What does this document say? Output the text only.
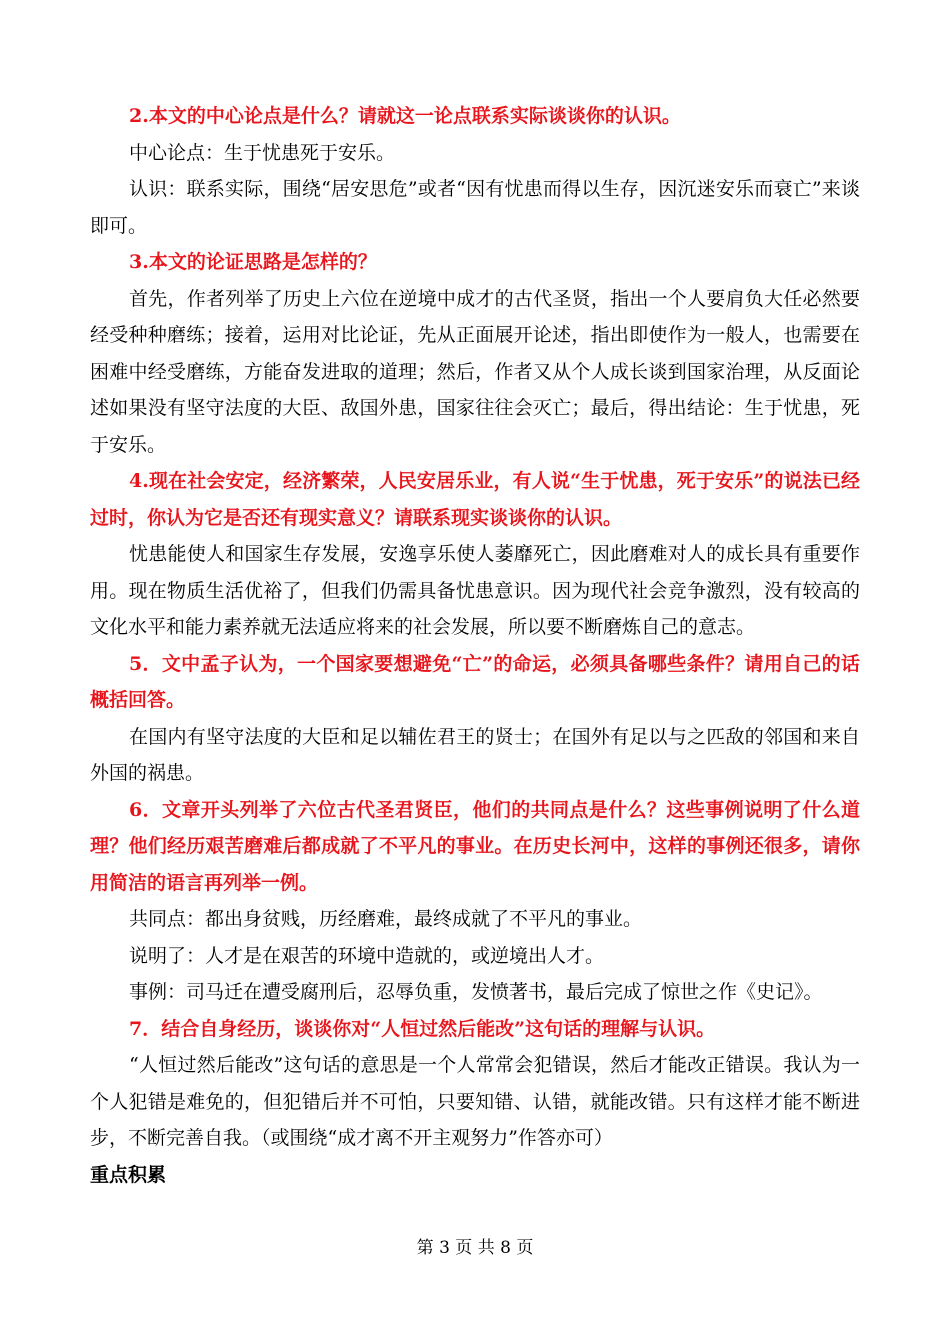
2.本文的中心论点是什么？请就这一论点联系实际谈谈你的认识。

中心论点：生于忧患死于安乐。

认识：联系实际，围绕“居安思危”或者“因有忧患而得以生存，因沉迷安乐而衰亡”来谈即可。

3.本文的论证思路是怎样的？

首先，作者列举了历史上六位在逆境中成才的古代圣贤，指出一个人要肩负大任必然要经受种种磨练；接着，运用对比论证，先从正面展开论述，指出即使作为一般人，也需要在困难中经受磨练，方能奋发进取的道理；然后，作者又从个人成长谈到国家治理，从反面论述如果没有坚守法度的大臣、敌国外患，国家往往会灭亡；最后，得出结论：生于忧患，死于安乐。

4.现在社会安定，经济繁荣，人民安居乐业，有人说“生于忧患，死于安乐”的说法已经过时，你认为它是否还有现实意义？请联系现实谈谈你的认识。

忧患能使人和国家生存发展，安逸享乐使人萎靡死亡，因此磨难对人的成长具有重要作用。现在物质生活优裕了，但我们仍需具备忧患意识。因为现代社会竞争激烈，没有较高的文化水平和能力素养就无法适应将来的社会发展，所以要不断磨炼自己的意志。

5．文中孟子认为，一个国家要想避免“亡”的命运，必须具备哪些条件？请用自己的话概括回答。

在国内有坚守法度的大臣和足以辅佐君王的贤士；在国外有足以与之匹敌的邻国和来自外国的祸患。

6．文章开头列举了六位古代圣君贤臣，他们的共同点是什么？这些事例说明了什么道理？他们经历艰苦磨难后都成就了不平凡的事业。在历史长河中，这样的事例还很多，请你用简洁的语言再列举一例。

共同点：都出身贫贱，历经磨难，最终成就了不平凡的事业。

说明了：人才是在艰苦的环境中造就的，或逆境出人才。

事例：司马迁在遭受腐刑后，忍辱负重，发愤著书，最后完成了惊世之作《史记》。

7．结合自身经历，谈谈你对“人恒过然后能改”这句话的理解与认识。

“人恒过然后能改”这句话的意思是一个人常常会犯错误，然后才能改正错误。我认为一个人犯错是难免的，但犯错后并不可怕，只要知错、认错，就能改错。只有这样才能不断进步，不断完善自我。（或围绕“成才离不开主观努力”作答亦可）

重点积累

第 3 页 共 8 页
